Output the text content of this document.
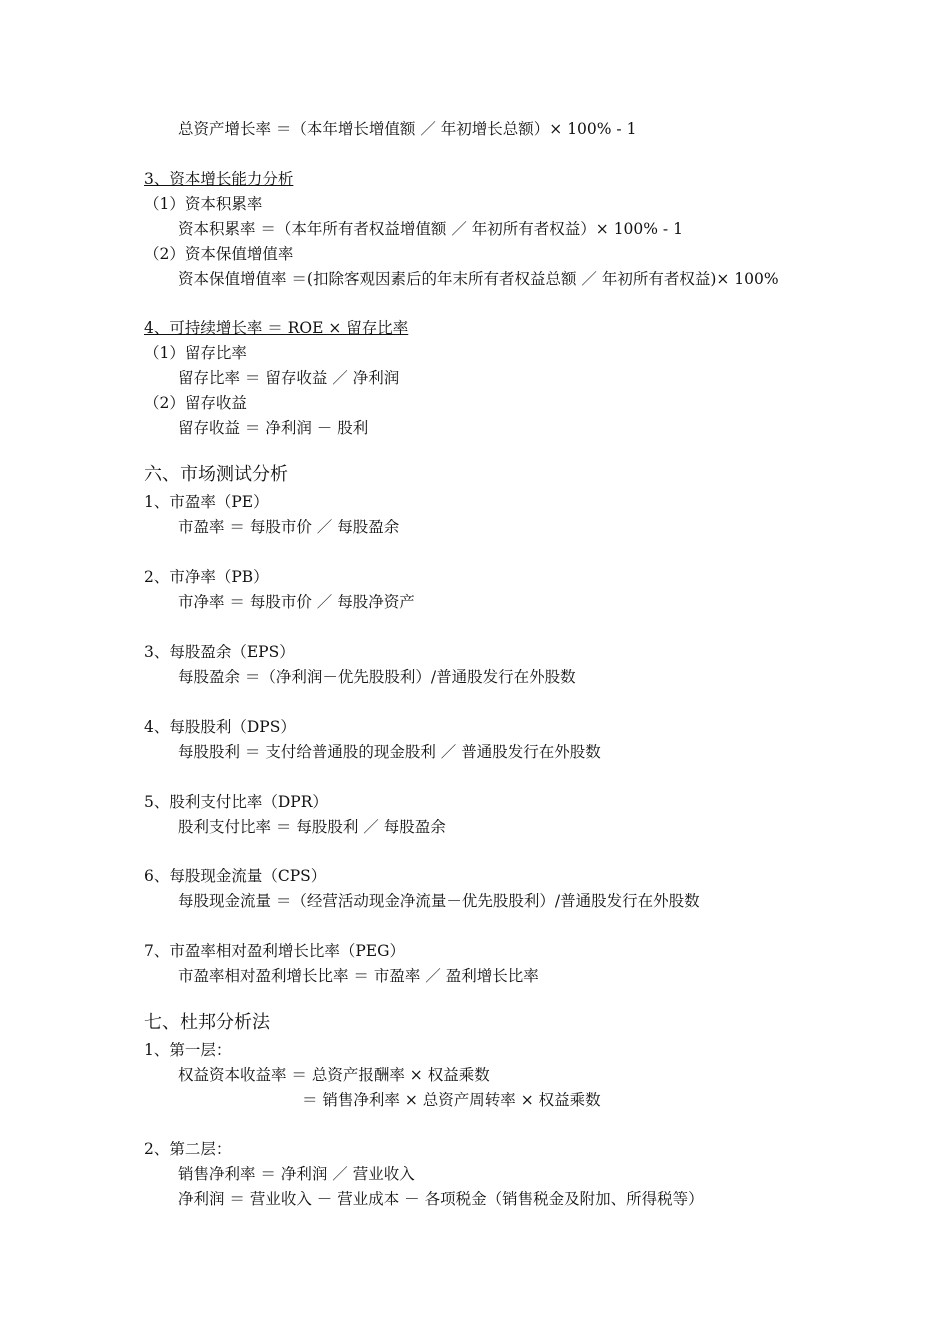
总资产增长率 ＝（本年增长增值额 ／ 年初增长总额）× 100% - 1
3、资本增长能力分析
（1）资本积累率
资本积累率 ＝（本年所有者权益增值额 ／ 年初所有者权益）× 100% - 1
（2）资本保值增值率
资本保值增值率 ＝(扣除客观因素后的年末所有者权益总额 ／ 年初所有者权益)× 100%
4、可持续增长率 ＝ ROE × 留存比率
（1）留存比率
留存比率 ＝ 留存收益 ／ 净利润
（2）留存收益
留存收益 ＝ 净利润 － 股利
六、市场测试分析
1、市盈率（PE）
市盈率 ＝ 每股市价 ／ 每股盈余
2、市净率（PB）
市净率 ＝ 每股市价 ／ 每股净资产
3、每股盈余（EPS）
每股盈余 ＝（净利润－优先股股利）/普通股发行在外股数
4、每股股利（DPS）
每股股利 ＝ 支付给普通股的现金股利 ／ 普通股发行在外股数
5、股利支付比率（DPR）
股利支付比率 ＝ 每股股利 ／ 每股盈余
6、每股现金流量（CPS）
每股现金流量 ＝（经营活动现金净流量－优先股股利）/普通股发行在外股数
7、市盈率相对盈利增长比率（PEG）
市盈率相对盈利增长比率 ＝ 市盈率 ／ 盈利增长比率
七、杜邦分析法
1、第一层：
权益资本收益率 ＝ 总资产报酬率 × 权益乘数
＝ 销售净利率 × 总资产周转率 × 权益乘数
2、第二层：
销售净利率 ＝ 净利润 ／ 营业收入
净利润 ＝ 营业收入 － 营业成本 － 各项税金（销售税金及附加、所得税等）
